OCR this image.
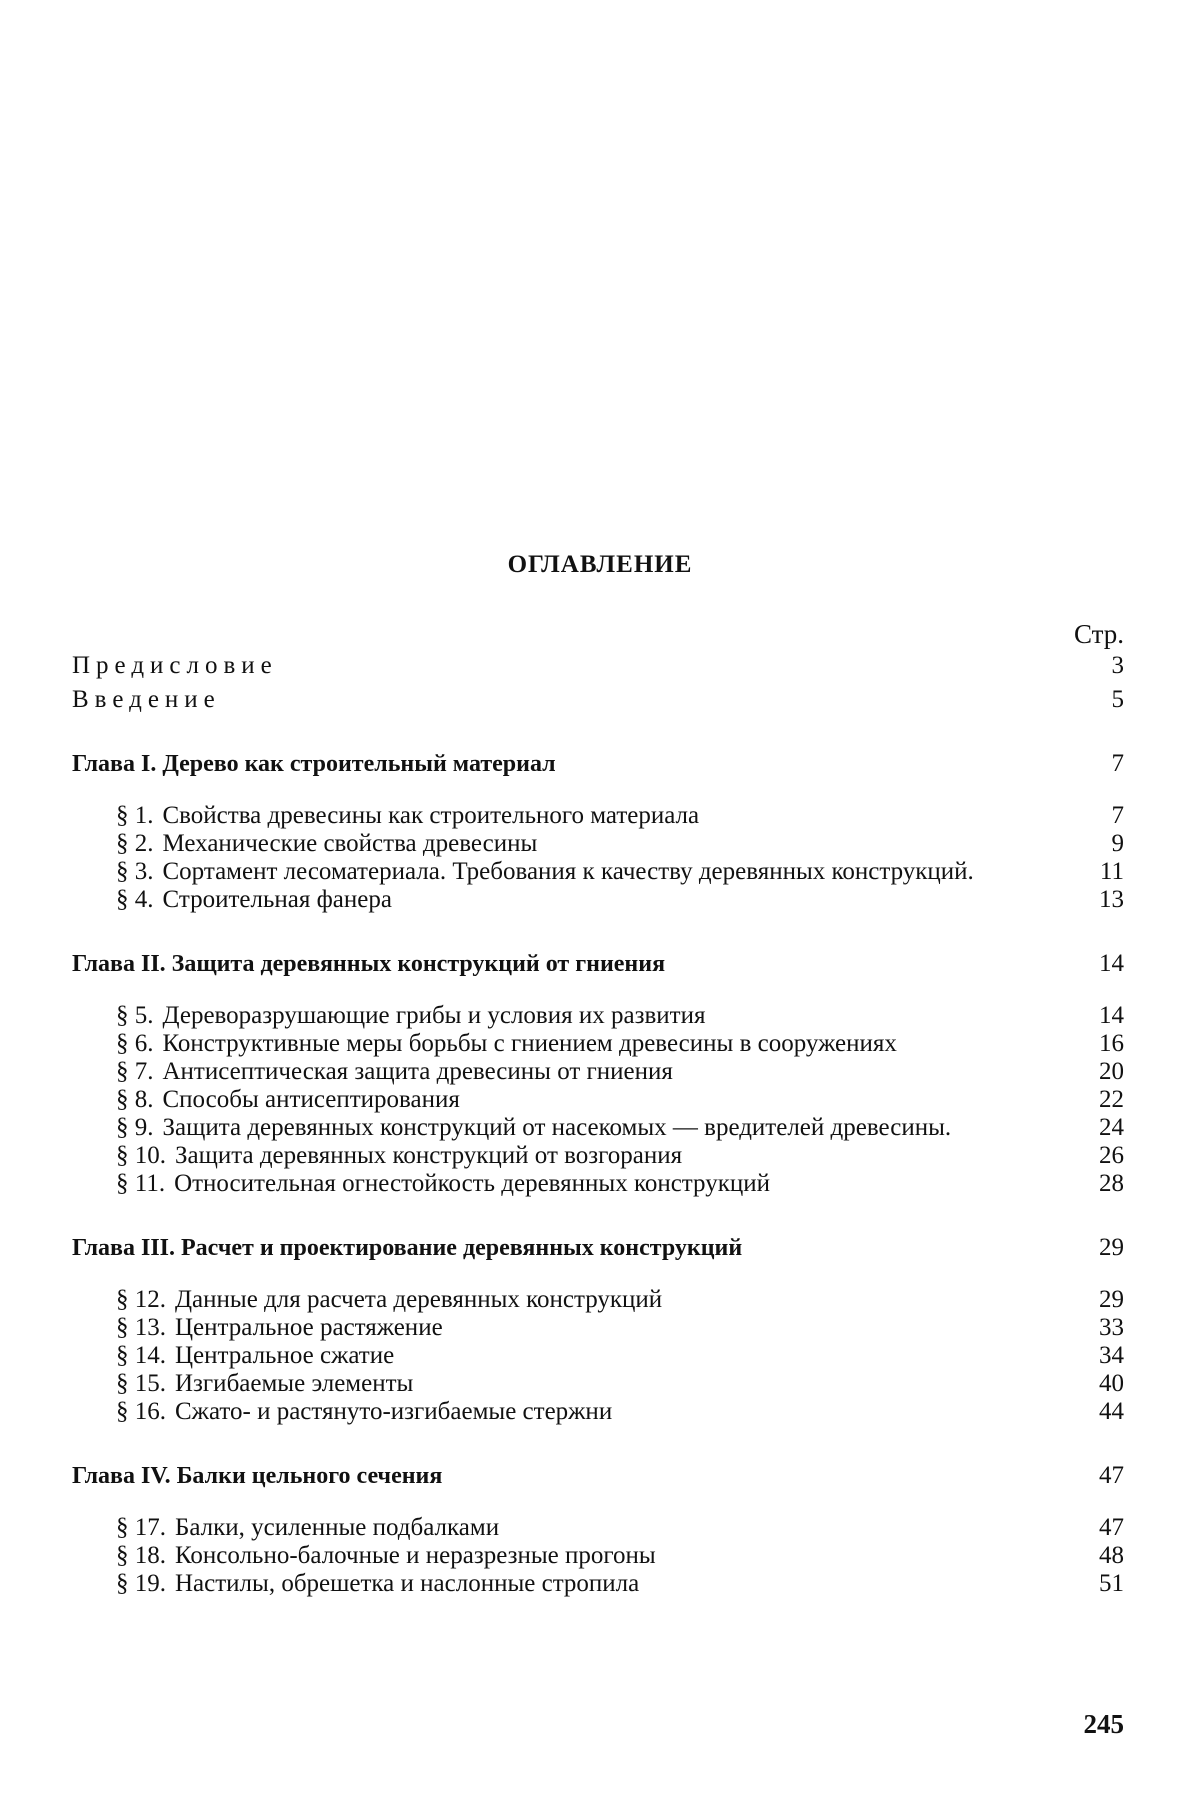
ОГЛАВЛЕНИЕ
Стр.
Предисловие	3
Введение	5
Глава I. Дерево как строительный материал	7
§ 1. Свойства древесины как строительного материала	7
§ 2. Механические свойства древесины	9
§ 3. Сортамент лесоматериала. Требования к качеству деревянных конструкций.	11
§ 4. Строительная фанера	13
Глава II. Защита деревянных конструкций от гниения	14
§ 5. Дереворазрушающие грибы и условия их развития	14
§ 6. Конструктивные меры борьбы с гниением древесины в сооружениях	16
§ 7. Антисептическая защита древесины от гниения	20
§ 8. Способы антисептирования	22
§ 9. Защита деревянных конструкций от насекомых — вредителей древесины.	24
§ 10. Защита деревянных конструкций от возгорания	26
§ 11. Относительная огнестойкость деревянных конструкций	28
Глава III. Расчет и проектирование деревянных конструкций	29
§ 12. Данные для расчета деревянных конструкций	29
§ 13. Центральное растяжение	33
§ 14. Центральное сжатие	34
§ 15. Изгибаемые элементы	40
§ 16. Сжато- и растянуто-изгибаемые стержни	44
Глава IV. Балки цельного сечения	47
§ 17. Балки, усиленные подбалками	47
§ 18. Консольно-балочные и неразрезные прогоны	48
§ 19. Настилы, обрешетка и наслонные стропила	51
245
